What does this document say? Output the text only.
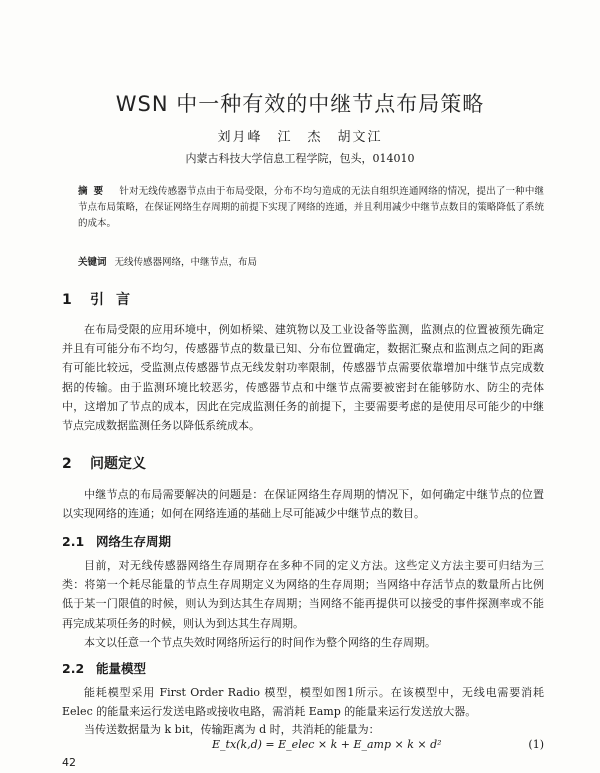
WSN 中一种有效的中继节点布局策略
刘月峰　江　杰　胡文江
内蒙古科技大学信息工程学院，包头，014010
摘要 针对无线传感器节点由于布局受限，分布不均匀造成的无法自组织连通网络的情况，提出了一种中继节点布局策略，在保证网络生存周期的前提下实现了网络的连通，并且利用减少中继节点数目的策略降低了系统的成本。
关键词 无线传感器网络，中继节点，布局
1 引言
在布局受限的应用环境中，例如桥梁、建筑物以及工业设备等监测，监测点的位置被预先确定并且有可能分布不均匀，传感器节点的数量已知、分布位置确定，数据汇聚点和监测点之间的距离有可能比较远，受监测点传感器节点无线发射功率限制，传感器节点需要依靠增加中继节点完成数据的传输。由于监测环境比较恶劣，传感器节点和中继节点需要被密封在能够防水、防尘的壳体中，这增加了节点的成本，因此在完成监测任务的前提下，主要需要考虑的是使用尽可能少的中继节点完成数据监测任务以降低系统成本。
2 问题定义
中继节点的布局需要解决的问题是：在保证网络生存周期的情况下，如何确定中继节点的位置以实现网络的连通；如何在网络连通的基础上尽可能减少中继节点的数目。
2.1 网络生存周期
目前，对无线传感器网络生存周期存在多种不同的定义方法。这些定义方法主要可归结为三类：将第一个耗尽能量的节点生存周期定义为网络的生存周期；当网络中存活节点的数量所占比例低于某一门限值的时候，则认为到达其生存周期；当网络不能再提供可以接受的事件探测率或不能再完成某项任务的时候，则认为到达其生存周期。
本文以任意一个节点失效时网络所运行的时间作为整个网络的生存周期。
2.2 能量模型
能耗模型采用 First Order Radio 模型，模型如图1所示。在该模型中，无线电需要消耗 Eelec 的能量来运行发送电路或接收电路，需消耗 Eamp 的能量来运行发送放大器。
当传送数据量为 k bit，传输距离为 d 时，共消耗的能量为：
E_tx(k,d) = E_elec × k + E_amp × k × d²	(1)
42
